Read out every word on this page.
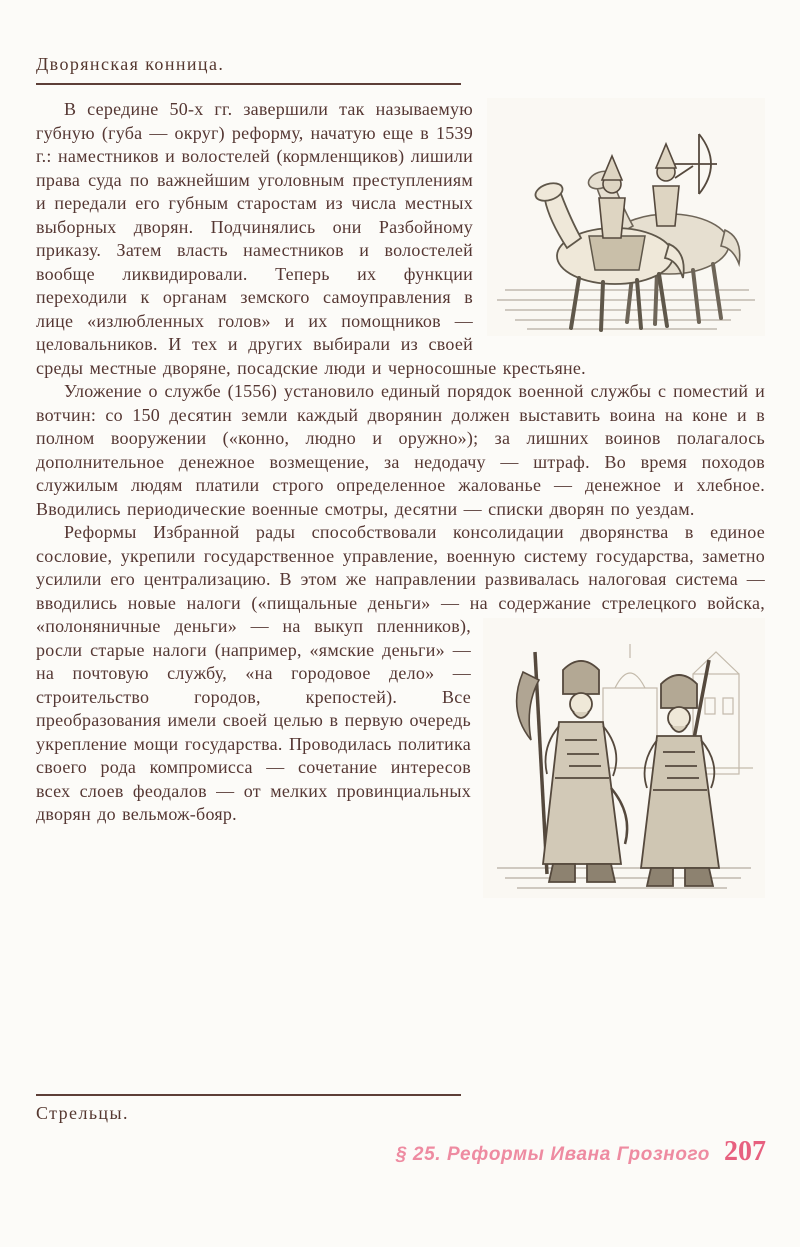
Дворянская конница.

В середине 50-х гг. завершили так называемую губную (губа — округ) реформу, начатую еще в 1539 г.: наместников и волостелей (кормленщиков) лишили права суда по важнейшим уголовным преступлениям и передали его губным старостам из числа местных выборных дворян. Подчинялись они Разбойному приказу. Затем власть наместников и волостелей вообще ликвидировали. Теперь их функции переходили к органам земского самоуправления в лице «излюбленных голов» и их помощников — целовальников. И тех и других выбирали из своей среды местные дворяне, посадские люди и черносошные крестьяне.

Уложение о службе (1556) установило единый порядок военной службы с поместий и вотчин: со 150 десятин земли каждый дворянин должен выставить воина на коне и в полном вооружении («конно, людно и оружно»); за лишних воинов полагалось дополнительное денежное возмещение, за недодачу — штраф. Во время походов служилым людям платили строго определенное жалованье — денежное и хлебное. Вводились периодические военные смотры, десятни — списки дворян по уездам.

Реформы Избранной рады способствовали консолидации дворянства в единое сословие, укрепили государственное управление, военную систему государства, заметно усилили его централизацию. В этом же направлении развивалась налоговая система — вводились новые налоги («пищальные деньги» — на содержание стрелецкого войска,
«полоняничные деньги» — на выкуп пленников), росли старые налоги (например, «ямские деньги» — на почтовую службу, «на городовое дело» — строительство городов, крепостей). Все преобразования имели своей целью в первую очередь укрепление мощи государства. Проводилась политика своего рода компромисса — сочетание интересов всех слоев феодалов — от мелких провинциальных дворян до вельмож-бояр.

Стрельцы.
§ 25. Реформы Ивана Грозного 207
